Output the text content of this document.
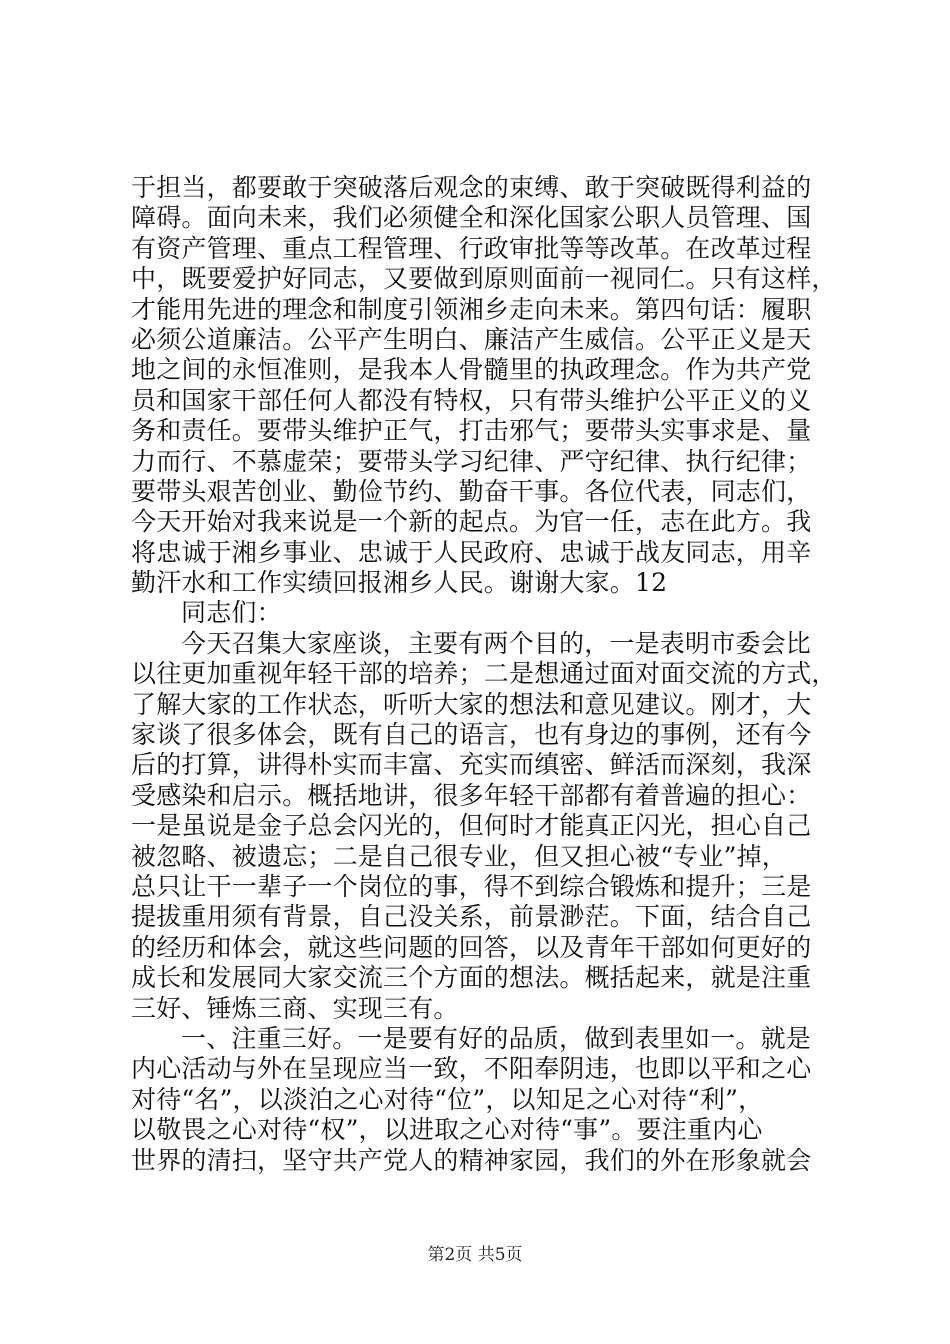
于担当，都要敢于突破落后观念的束缚、敢于突破既得利益的
障碍。面向未来，我们必须健全和深化国家公职人员管理、国
有资产管理、重点工程管理、行政审批等等改革。在改革过程
中，既要爱护好同志，又要做到原则面前一视同仁。只有这样，
才能用先进的理念和制度引领湘乡走向未来。第四句话：履职
必须公道廉洁。公平产生明白、廉洁产生威信。公平正义是天
地之间的永恒准则，是我本人骨髓里的执政理念。作为共产党
员和国家干部任何人都没有特权，只有带头维护公平正义的义
务和责任。要带头维护正气，打击邪气；要带头实事求是、量
力而行、不慕虚荣；要带头学习纪律、严守纪律、执行纪律；
要带头艰苦创业、勤俭节约、勤奋干事。各位代表，同志们，
今天开始对我来说是一个新的起点。为官一任，志在此方。我
将忠诚于湘乡事业、忠诚于人民政府、忠诚于战友同志，用辛
勤汗水和工作实绩回报湘乡人民。谢谢大家。12
同志们：
今天召集大家座谈，主要有两个目的，一是表明市委会比
以往更加重视年轻干部的培养；二是想通过面对面交流的方式，
了解大家的工作状态，听听大家的想法和意见建议。刚才，大
家谈了很多体会，既有自己的语言，也有身边的事例，还有今
后的打算，讲得朴实而丰富、充实而缜密、鲜活而深刻，我深
受感染和启示。概括地讲，很多年轻干部都有着普遍的担心：
一是虽说是金子总会闪光的，但何时才能真正闪光，担心自己
被忽略、被遗忘；二是自己很专业，但又担心被“专业”掉，
总只让干一辈子一个岗位的事，得不到综合锻炼和提升；三是
提拔重用须有背景，自己没关系，前景渺茫。下面，结合自己
的经历和体会，就这些问题的回答，以及青年干部如何更好的
成长和发展同大家交流三个方面的想法。概括起来，就是注重
三好、锤炼三商、实现三有。
一、注重三好。一是要有好的品质，做到表里如一。就是
内心活动与外在呈现应当一致，不阳奉阴违，也即以平和之心
对待“名”，以淡泊之心对待“位”，以知足之心对待“利”，
以敬畏之心对待“权”，以进取之心对待“事”。要注重内心
世界的清扫，坚守共产党人的精神家园，我们的外在形象就会
第2页 共5页
